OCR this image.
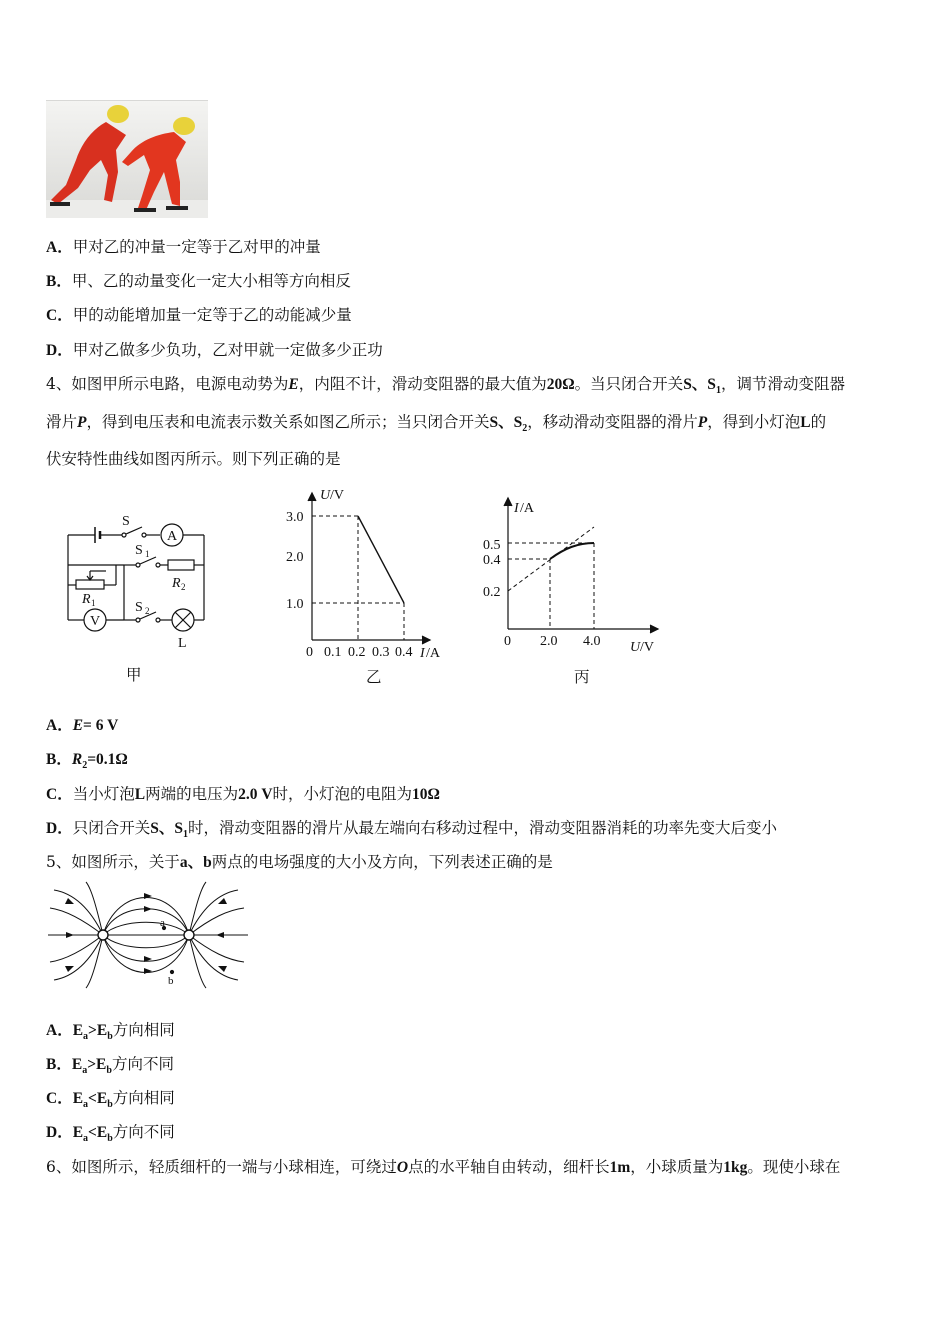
A．甲对乙的冲量一定等于乙对甲的冲量
B．甲、乙的动量变化一定大小相等方向相反
C．甲的动能增加量一定等于乙的动能减少量
D．甲对乙做多少负功，乙对甲就一定做多少正功
4、如图甲所示电路，电源电动势为E，内阻不计，滑动变阻器的最大值为20Ω。当只闭合开关S、$S_1$，调节滑动变阻器
滑片P，得到电压表和电流表示数关系如图乙所示；当只闭合开关S、$S_2$，移动滑动变阻器的滑片P，得到小灯泡L的
伏安特性曲线如图丙所示。则下列正确的是
S
A
S 1
R 2
R 1
V
S 2
L
甲
U /V
3.0
2.0
1.0
0 0.1 0.2 0.3 0.4 I /A
乙
I /A
0.5
0.4
0.2
0 2.0 4.0 U /V
丙
A．E= 6 V
B．$R_2=0.1\Omega$
C．当小灯泡L两端的电压为2.0 V时，小灯泡的电阻为10Ω
D．只闭合开关S、$S_1$时，滑动变阻器的滑片从最左端向右移动过程中，滑动变阻器消耗的功率先变大后变小
5、如图所示，关于a、b两点的电场强度的大小及方向，下列表述正确的是
a
b
A．$E_a>E_b$方向相同
B．$E_a>E_b$方向不同
C．$E_a<E_b$方向相同
D．$E_a<E_b$方向不同
6、如图所示，轻质细杆的一端与小球相连，可绕过O点的水平轴自由转动，细杆长1m，小球质量为1kg。现使小球在
